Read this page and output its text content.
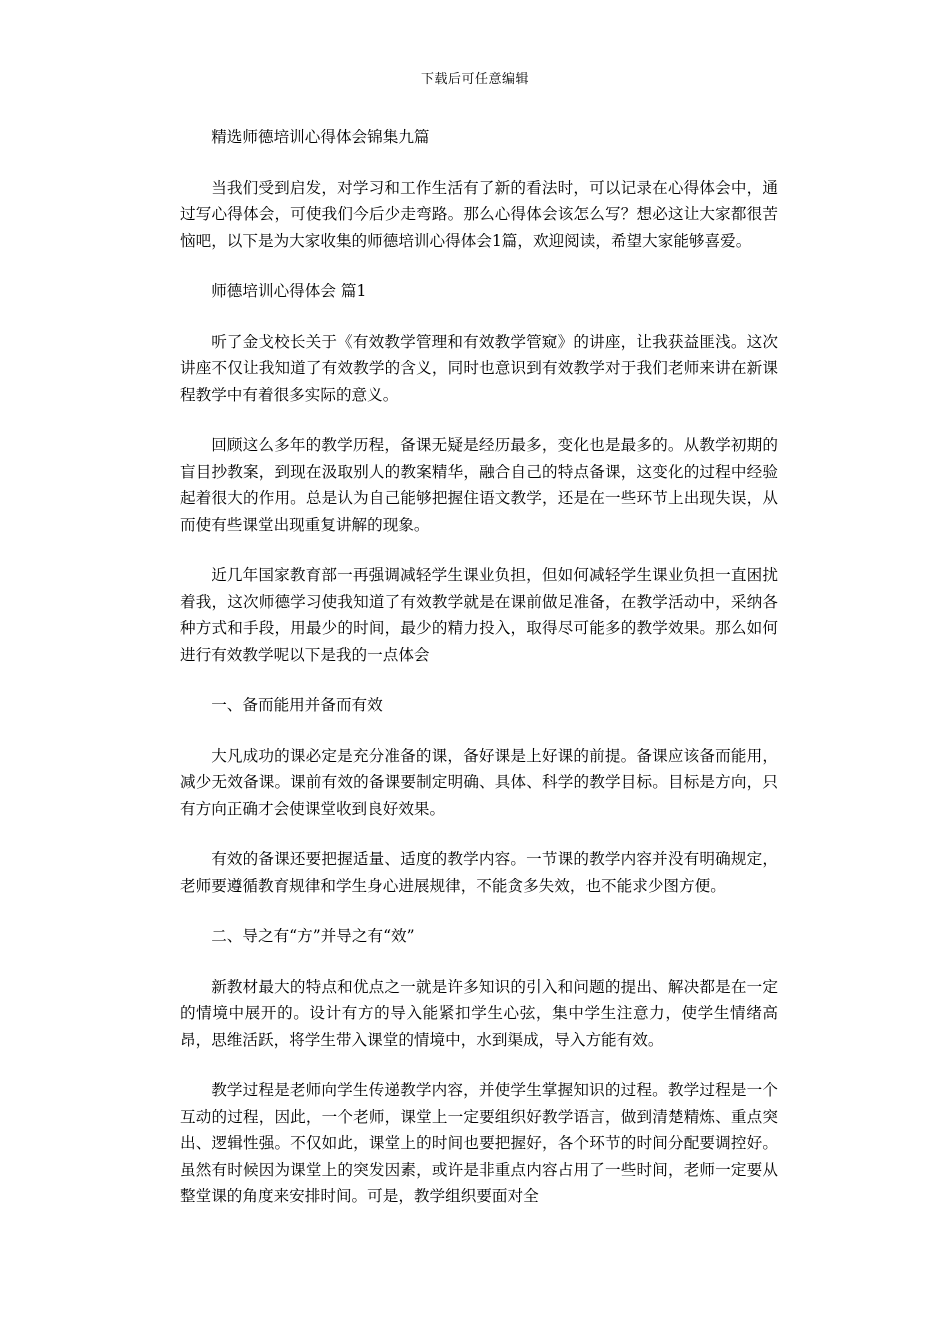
下载后可任意编辑

精选师德培训心得体会锦集九篇

当我们受到启发，对学习和工作生活有了新的看法时，可以记录在心得体会中，通过写心得体会，可使我们今后少走弯路。那么心得体会该怎么写？想必这让大家都很苦恼吧，以下是为大家收集的师德培训心得体会1篇，欢迎阅读，希望大家能够喜爱。

师德培训心得体会 篇1

听了金戈校长关于《有效教学管理和有效教学管窥》的讲座，让我获益匪浅。这次讲座不仅让我知道了有效教学的含义，同时也意识到有效教学对于我们老师来讲在新课程教学中有着很多实际的意义。

回顾这么多年的教学历程，备课无疑是经历最多，变化也是最多的。从教学初期的盲目抄教案，到现在汲取别人的教案精华，融合自己的特点备课，这变化的过程中经验起着很大的作用。总是认为自己能够把握住语文教学，还是在一些环节上出现失误，从而使有些课堂出现重复讲解的现象。

近几年国家教育部一再强调减轻学生课业负担，但如何减轻学生课业负担一直困扰着我，这次师德学习使我知道了有效教学就是在课前做足准备，在教学活动中，采纳各种方式和手段，用最少的时间，最少的精力投入，取得尽可能多的教学效果。那么如何进行有效教学呢以下是我的一点体会

一、备而能用并备而有效

大凡成功的课必定是充分准备的课，备好课是上好课的前提。备课应该备而能用，减少无效备课。课前有效的备课要制定明确、具体、科学的教学目标。目标是方向，只有方向正确才会使课堂收到良好效果。

有效的备课还要把握适量、适度的教学内容。一节课的教学内容并没有明确规定，老师要遵循教育规律和学生身心进展规律，不能贪多失效，也不能求少图方便。

二、导之有“方”并导之有“效”

新教材最大的特点和优点之一就是许多知识的引入和问题的提出、解决都是在一定的情境中展开的。设计有方的导入能紧扣学生心弦，集中学生注意力，使学生情绪高昂，思维活跃，将学生带入课堂的情境中，水到渠成，导入方能有效。

教学过程是老师向学生传递教学内容，并使学生掌握知识的过程。教学过程是一个互动的过程，因此，一个老师，课堂上一定要组织好教学语言，做到清楚精炼、重点突出、逻辑性强。不仅如此，课堂上的时间也要把握好，各个环节的时间分配要调控好。虽然有时候因为课堂上的突发因素，或许是非重点内容占用了一些时间，老师一定要从整堂课的角度来安排时间。可是，教学组织要面对全
